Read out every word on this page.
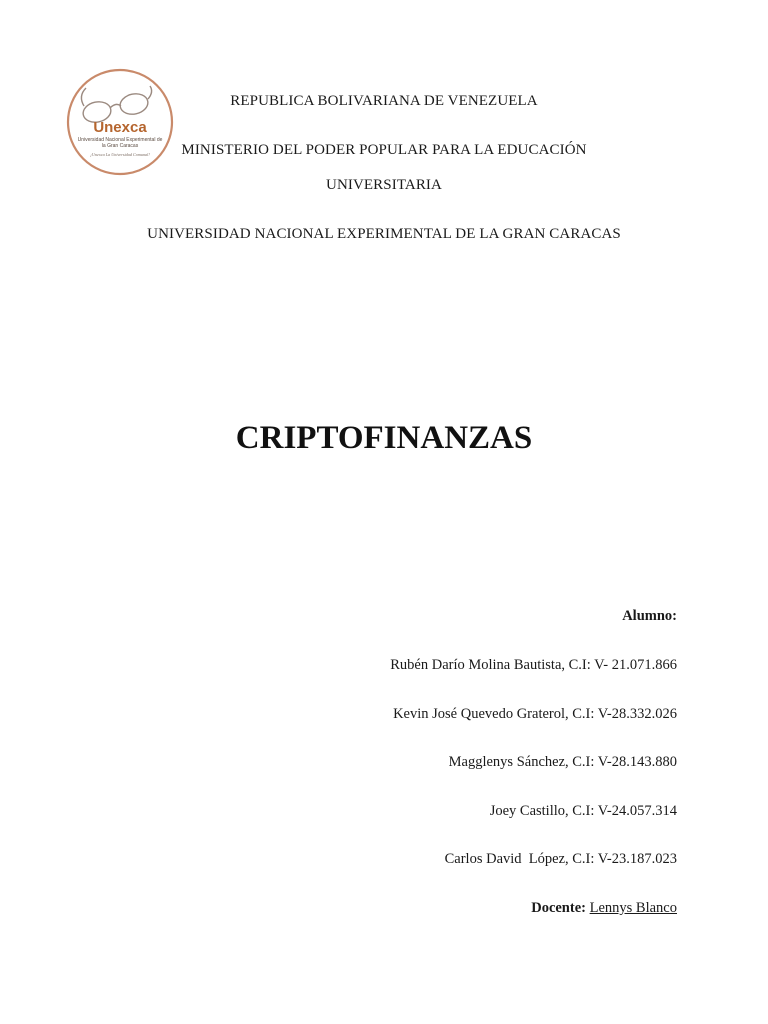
Unexca
Universidad Nacional Experimental de
la Gran Caracas
¡Unexca La Universidad Comunal!
REPUBLICA BOLIVARIANA DE VENEZUELA
MINISTERIO DEL PODER POPULAR PARA LA EDUCACIÓN
UNIVERSITARIA
UNIVERSIDAD NACIONAL EXPERIMENTAL DE LA GRAN CARACAS
CRIPTOFINANZAS
Alumno:
Rubén Darío Molina Bautista, C.I: V- 21.071.866
Kevin José Quevedo Graterol, C.I: V-28.332.026
Magglenys Sánchez, C.I: V-28.143.880
Joey Castillo, C.I: V-24.057.314
Carlos David  López, C.I: V-23.187.023
Docente: Lennys Blanco
